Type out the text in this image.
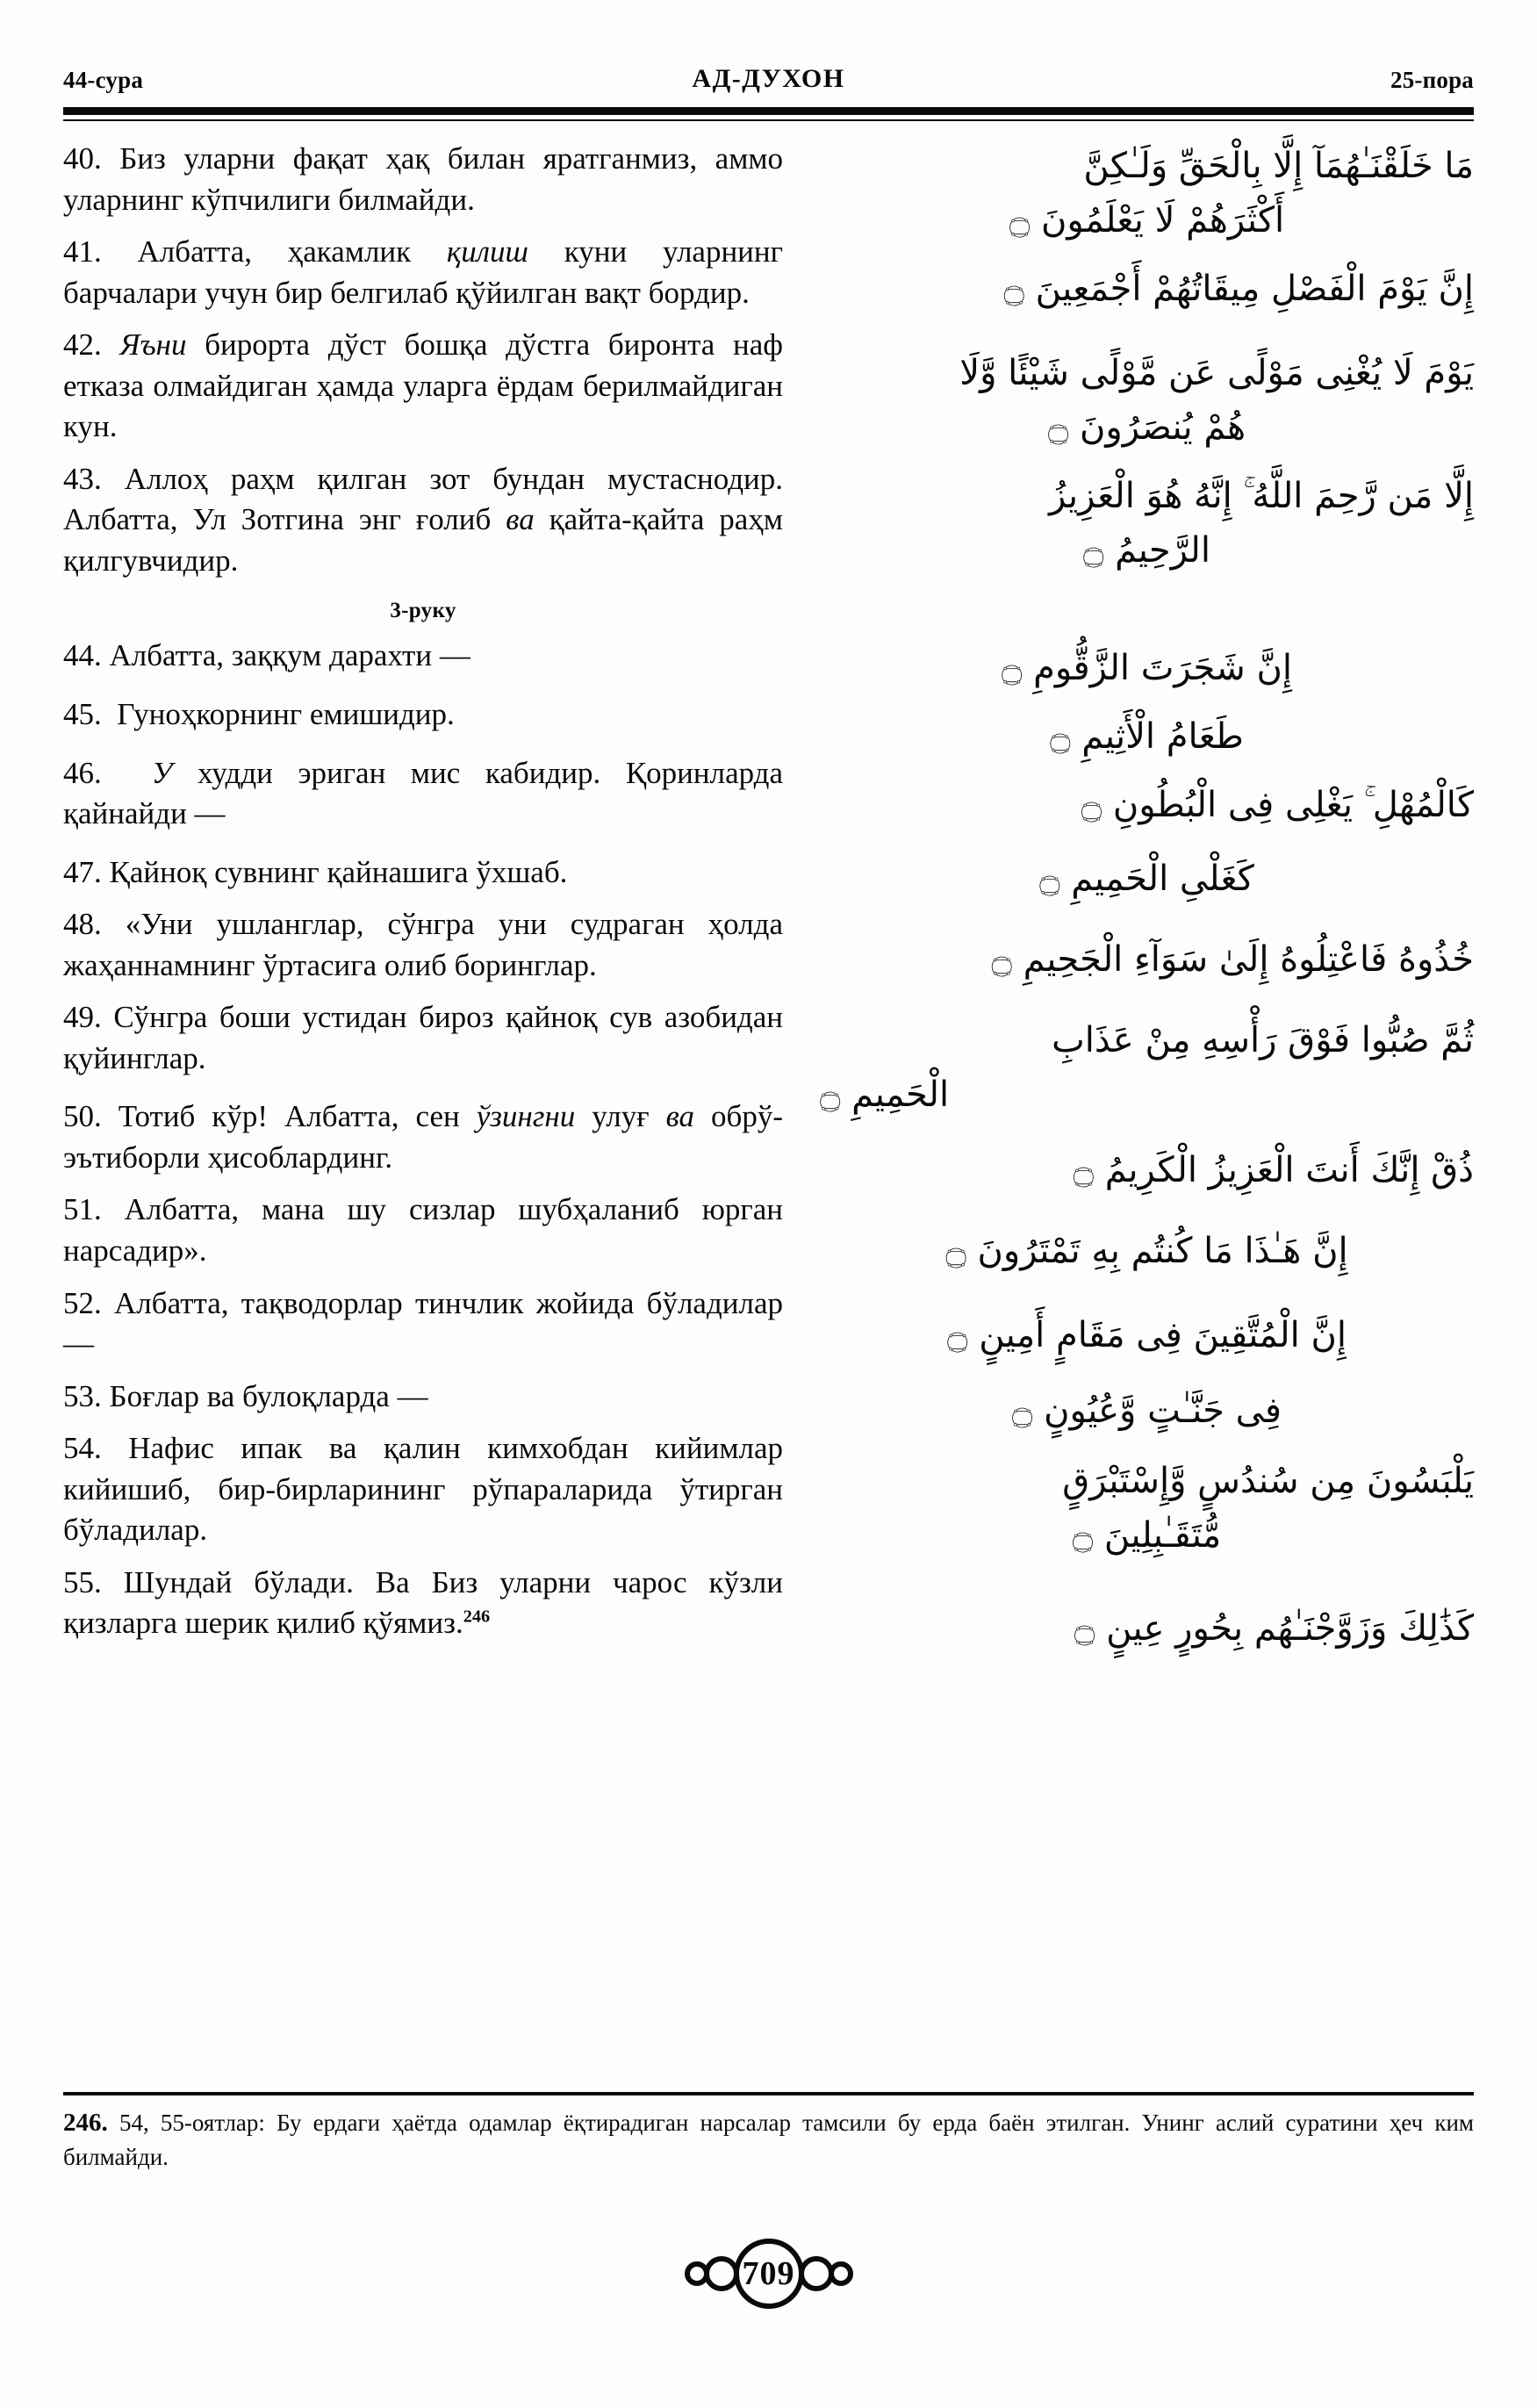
44-сура	АД-ДУХОН	25-пора

40. Биз уларни фақат ҳақ билан яратганмиз, аммо уларнинг кўпчилиги билмайди.

41. Албатта, ҳакамлик қилиш куни уларнинг барчалари учун бир белгилаб қўйилган вақт бордир.

42. Яъни бирорта дўст бошқа дўстга биронта наф етказа олмайдиган ҳамда уларга ёрдам берилмайдиган кун.

43. Аллоҳ раҳм қилган зот бундан мустаснодир. Албатта, Ул Зотгина энг ғолиб ва қайта-қайта раҳм қилгувчидир.

3-руку

44. Албатта, заққум дарахти —

45. Гуноҳкорнинг емишидир.

46. У худди эриган мис кабидир. Қоринларда қайнайди —

47. Қайноқ сувнинг қайнашига ўхшаб.

48. «Уни ушланглар, сўнгра уни судраган ҳолда жаҳаннамнинг ўртасига олиб боринглар.

49. Сўнгра боши устидан бироз қайноқ сув азобидан қуйинглар.

50. Тотиб кўр! Албатта, сен ўзингни улуғ ва обрў-эътиборли ҳисоблардинг.

51. Албатта, мана шу сизлар шубҳаланиб юрган нарсадир».

52. Албатта, тақводорлар тинчлик жойида бўладилар —

53. Боғлар ва булоқларда —

54. Нафис ипак ва қалин кимхобдан кийимлар кийишиб, бир-бирларининг рўпараларида ўтирган бўладилар.

55. Шундай бўлади. Ва Биз уларни чарос кўзли қизларга шерик қилиб қўямиз.$^{246}$

مَا خَلَقْنَـٰهُمَآ إِلَّا بِالْحَقِّ وَلَـٰكِنَّ
أَكْثَرَهُمْ لَا يَعْلَمُونَ ۝
إِنَّ يَوْمَ الْفَصْلِ مِيقَاتُهُمْ أَجْمَعِينَ ۝
يَوْمَ لَا يُغْنِى مَوْلًى عَن مَّوْلًى شَيْئًا وَّلَا
هُمْ يُنصَرُونَ ۝
إِلَّا مَن رَّحِمَ اللَّهُ ۚ إِنَّهُ هُوَ الْعَزِيزُ
الرَّحِيمُ ۝
إِنَّ شَجَرَتَ الزَّقُّومِ ۝
طَعَامُ الْأَثِيمِ ۝
كَالْمُهْلِ ۚ يَغْلِى فِى الْبُطُونِ ۝
كَغَلْىِ الْحَمِيمِ ۝
خُذُوهُ فَاعْتِلُوهُ إِلَىٰ سَوَآءِ الْجَحِيمِ ۝
ثُمَّ صُبُّوا فَوْقَ رَأْسِهِ مِنْ عَذَابِ
الْحَمِيمِ ۝
ذُقْ إِنَّكَ أَنتَ الْعَزِيزُ الْكَرِيمُ ۝
إِنَّ هَـٰذَا مَا كُنتُم بِهِ تَمْتَرُونَ ۝
إِنَّ الْمُتَّقِينَ فِى مَقَامٍ أَمِينٍ ۝
فِى جَنَّـٰتٍ وَّعُيُونٍ ۝
يَلْبَسُونَ مِن سُندُسٍ وَّإِسْتَبْرَقٍ
مُّتَقَـٰبِلِينَ ۝
كَذَٰلِكَ وَزَوَّجْنَـٰهُم بِحُورٍ عِينٍ ۝
246. 54, 55-оятлар: Бу ердаги ҳаётда одамлар ёқтирадиган нарсалар тамсили бу ерда баён этилган. Унинг аслий суратини ҳеч ким билмайди.
709
